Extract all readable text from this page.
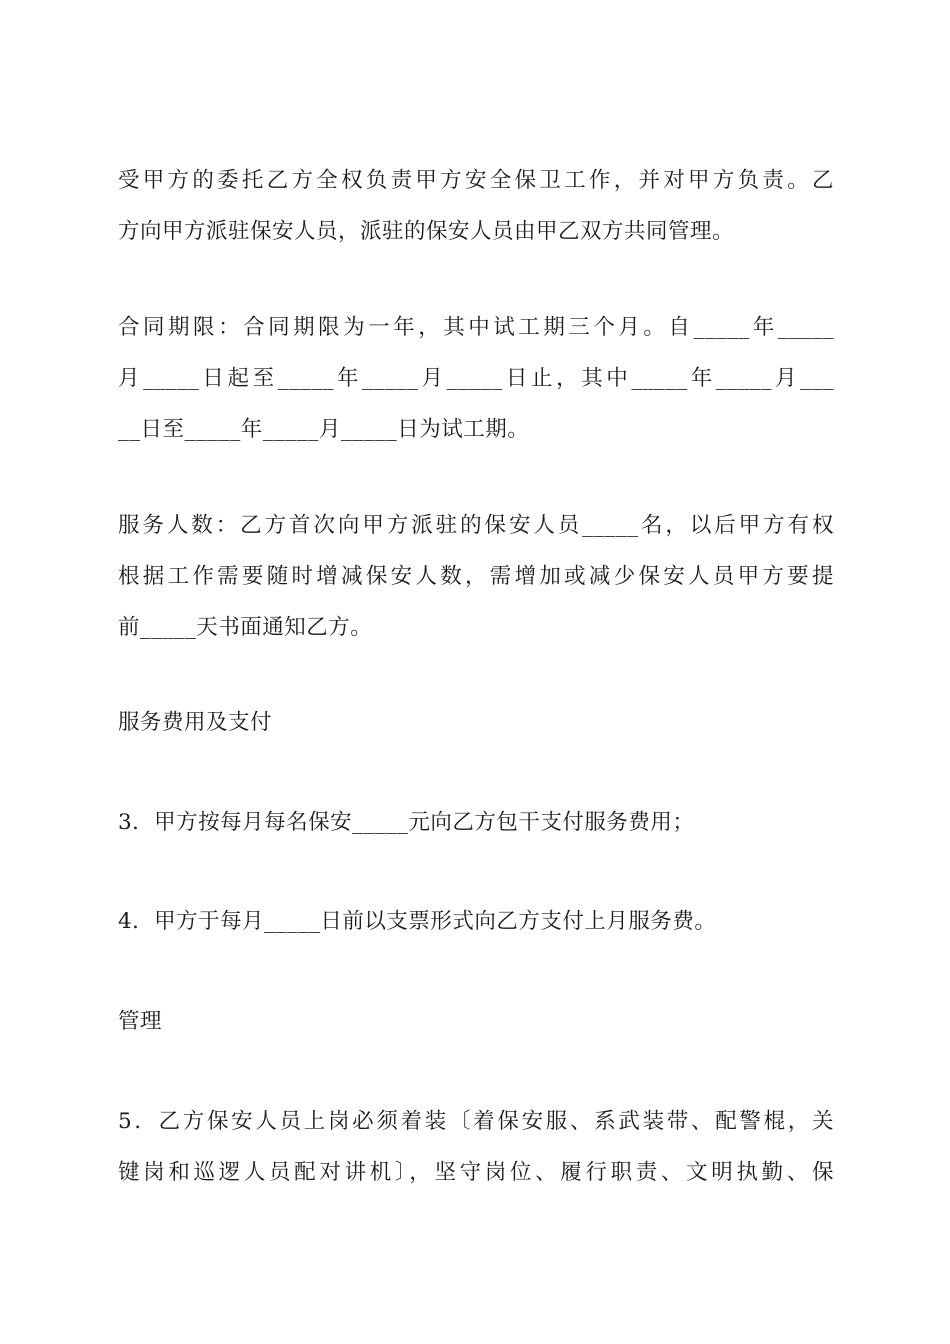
受甲方的委托乙方全权负责甲方安全保卫工作，并对甲方负责。乙

方向甲方派驻保安人员，派驻的保安人员由甲乙双方共同管理。

合同期限：合同期限为一年，其中试工期三个月。自_____年_____

月_____日起至_____年_____月_____日止，其中_____年_____月___

__日至_____年_____月_____日为试工期。

服务人数：乙方首次向甲方派驻的保安人员_____名，以后甲方有权

根据工作需要随时增减保安人数，需增加或减少保安人员甲方要提

前_____天书面通知乙方。

服务费用及支付

3．甲方按每月每名保安_____元向乙方包干支付服务费用；

4．甲方于每月_____日前以支票形式向乙方支付上月服务费。

管理

5．乙方保安人员上岗必须着装〔着保安服、系武装带、配警棍，关

键岗和巡逻人员配对讲机〕，坚守岗位、履行职责、文明执勤、保
